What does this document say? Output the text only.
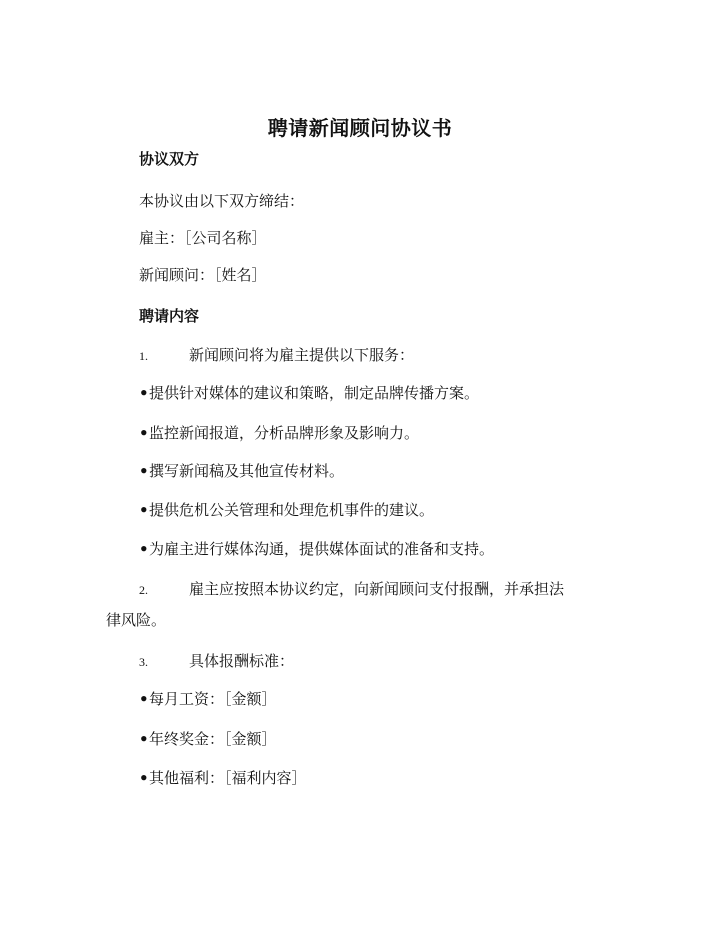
聘请新闻顾问协议书
协议双方
本协议由以下双方缔结：
雇主：［公司名称］
新闻顾问：［姓名］
聘请内容
1.	新闻顾问将为雇主提供以下服务：
•提供针对媒体的建议和策略，制定品牌传播方案。
•监控新闻报道，分析品牌形象及影响力。
•撰写新闻稿及其他宣传材料。
•提供危机公关管理和处理危机事件的建议。
•为雇主进行媒体沟通，提供媒体面试的准备和支持。
2.	雇主应按照本协议约定，向新闻顾问支付报酬，并承担法
律风险。
3.	具体报酬标准：
•每月工资：［金额］
•年终奖金：［金额］
•其他福利：［福利内容］
